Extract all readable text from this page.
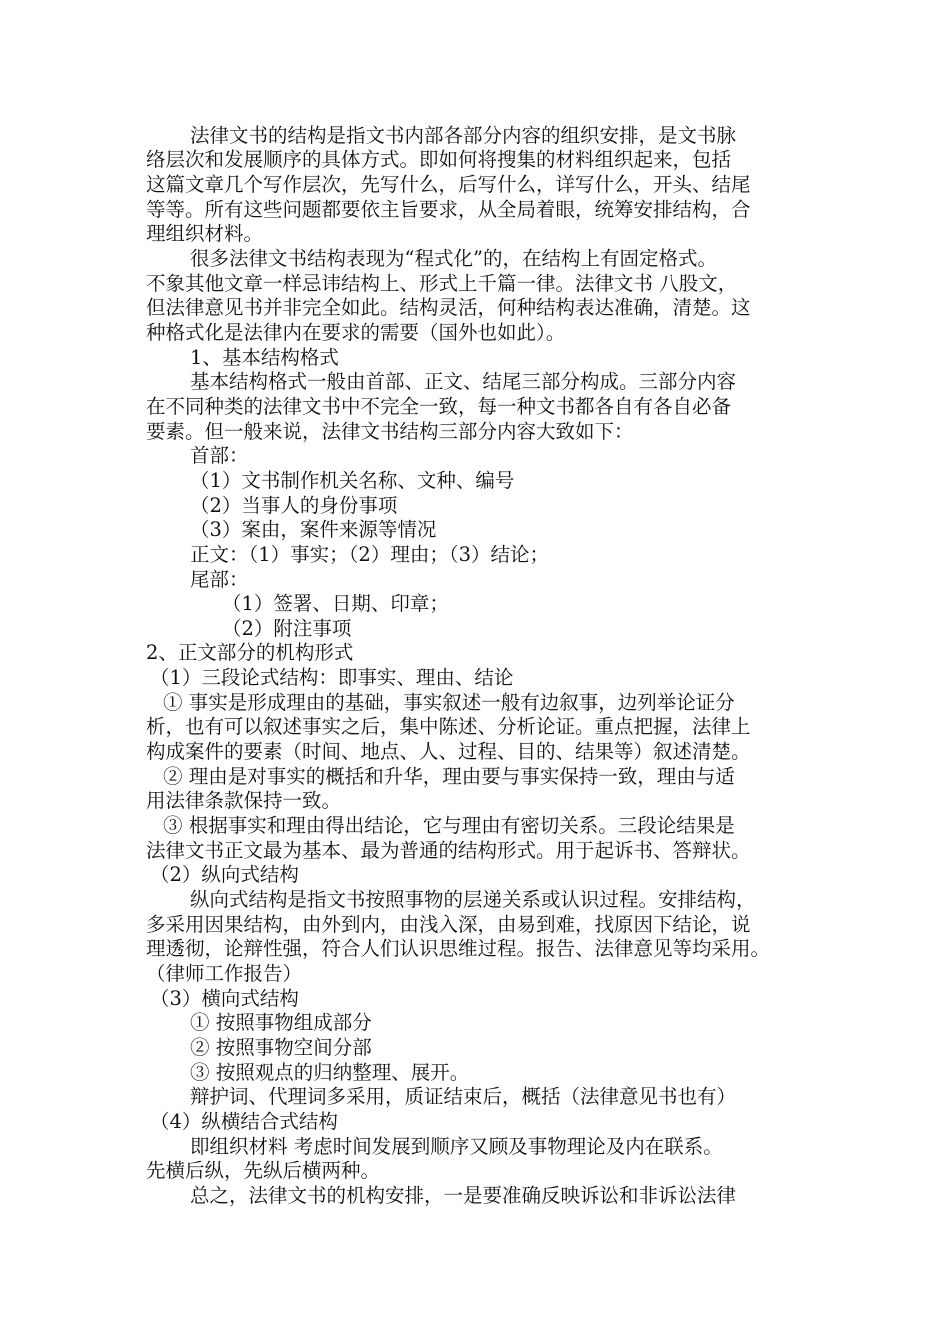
法律文书的结构是指文书内部各部分内容的组织安排，是文书脉
络层次和发展顺序的具体方式。即如何将搜集的材料组织起来，包括
这篇文章几个写作层次，先写什么，后写什么，详写什么，开头、结尾
等等。所有这些问题都要依主旨要求，从全局着眼，统筹安排结构，合
理组织材料。
很多法律文书结构表现为“程式化”的，在结构上有固定格式。
不象其他文章一样忌讳结构上、形式上千篇一律。法律文书 八股文，
但法律意见书并非完全如此。结构灵活，何种结构表达准确，清楚。这
种格式化是法律内在要求的需要（国外也如此）。
1、基本结构格式
基本结构格式一般由首部、正文、结尾三部分构成。三部分内容
在不同种类的法律文书中不完全一致，每一种文书都各自有各自必备
要素。但一般来说，法律文书结构三部分内容大致如下：
首部：
（1）文书制作机关名称、文种、编号
（2）当事人的身份事项
（3）案由，案件来源等情况
正文：（1）事实；（2）理由；（3）结论；
尾部：
（1）签署、日期、印章；
（2）附注事项
2、正文部分的机构形式
（1）三段论式结构：即事实、理由、结论
① 事实是形成理由的基础，事实叙述一般有边叙事，边列举论证分
析，也有可以叙述事实之后，集中陈述、分析论证。重点把握，法律上
构成案件的要素（时间、地点、人、过程、目的、结果等）叙述清楚。
② 理由是对事实的概括和升华，理由要与事实保持一致，理由与适
用法律条款保持一致。
③ 根据事实和理由得出结论，它与理由有密切关系。三段论结果是
法律文书正文最为基本、最为普通的结构形式。用于起诉书、答辩状。
（2）纵向式结构
纵向式结构是指文书按照事物的层递关系或认识过程。安排结构，
多采用因果结构，由外到内，由浅入深，由易到难，找原因下结论，说
理透彻，论辩性强，符合人们认识思维过程。报告、法律意见等均采用。
（律师工作报告）
（3）横向式结构
① 按照事物组成部分
② 按照事物空间分部
③ 按照观点的归纳整理、展开。
辩护词、代理词多采用，质证结束后，概括（法律意见书也有）
（4）纵横结合式结构
即组织材料 考虑时间发展到顺序又顾及事物理论及内在联系。
先横后纵，先纵后横两种。
总之，法律文书的机构安排，一是要准确反映诉讼和非诉讼法律
